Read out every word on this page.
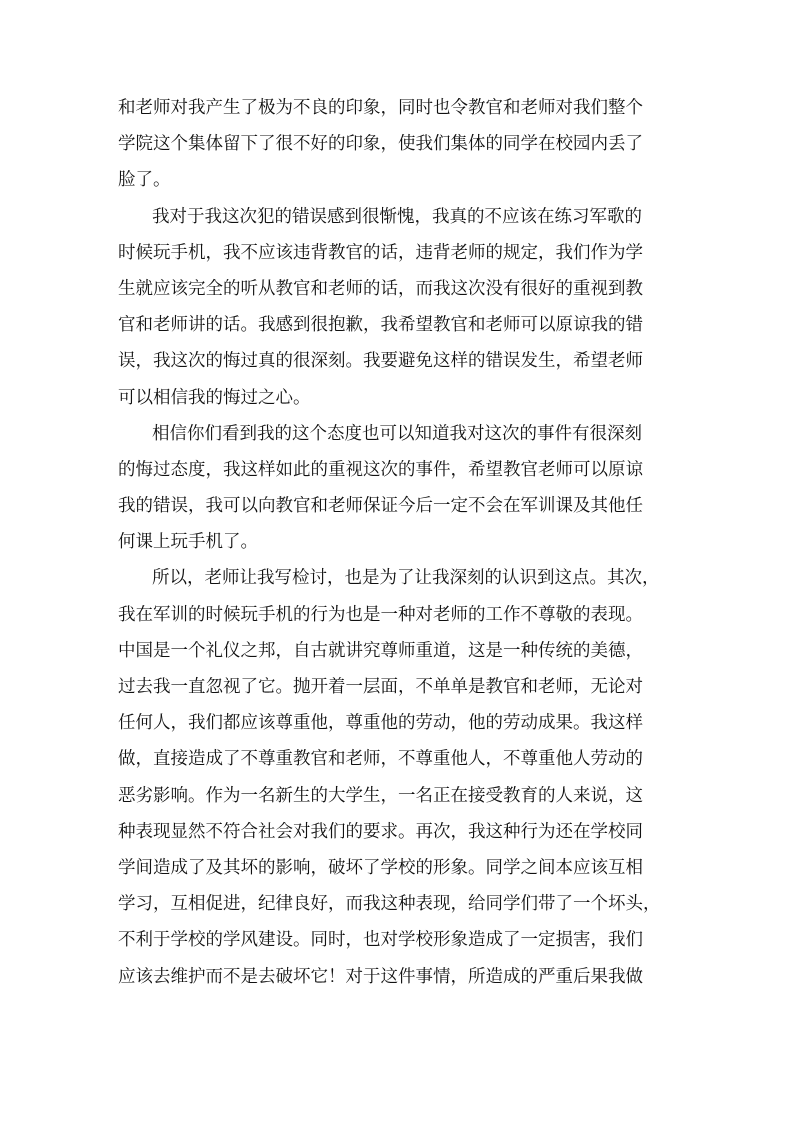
和老师对我产生了极为不良的印象，同时也令教官和老师对我们整个
学院这个集体留下了很不好的印象，使我们集体的同学在校园内丢了
脸了。
我对于我这次犯的错误感到很惭愧，我真的不应该在练习军歌的
时候玩手机，我不应该违背教官的话，违背老师的规定，我们作为学
生就应该完全的听从教官和老师的话，而我这次没有很好的重视到教
官和老师讲的话。我感到很抱歉，我希望教官和老师可以原谅我的错
误，我这次的悔过真的很深刻。我要避免这样的错误发生，希望老师
可以相信我的悔过之心。
相信你们看到我的这个态度也可以知道我对这次的事件有很深刻
的悔过态度，我这样如此的重视这次的事件，希望教官老师可以原谅
我的错误，我可以向教官和老师保证今后一定不会在军训课及其他任
何课上玩手机了。
所以，老师让我写检讨，也是为了让我深刻的认识到这点。其次，
我在军训的时候玩手机的行为也是一种对老师的工作不尊敬的表现。
中国是一个礼仪之邦，自古就讲究尊师重道，这是一种传统的美德，
过去我一直忽视了它。抛开着一层面，不单单是教官和老师，无论对
任何人，我们都应该尊重他，尊重他的劳动，他的劳动成果。我这样
做，直接造成了不尊重教官和老师，不尊重他人，不尊重他人劳动的
恶劣影响。作为一名新生的大学生，一名正在接受教育的人来说，这
种表现显然不符合社会对我们的要求。再次，我这种行为还在学校同
学间造成了及其坏的影响，破坏了学校的形象。同学之间本应该互相
学习，互相促进，纪律良好，而我这种表现，给同学们带了一个坏头，
不利于学校的学风建设。同时，也对学校形象造成了一定损害，我们
应该去维护而不是去破坏它！对于这件事情，所造成的严重后果我做
